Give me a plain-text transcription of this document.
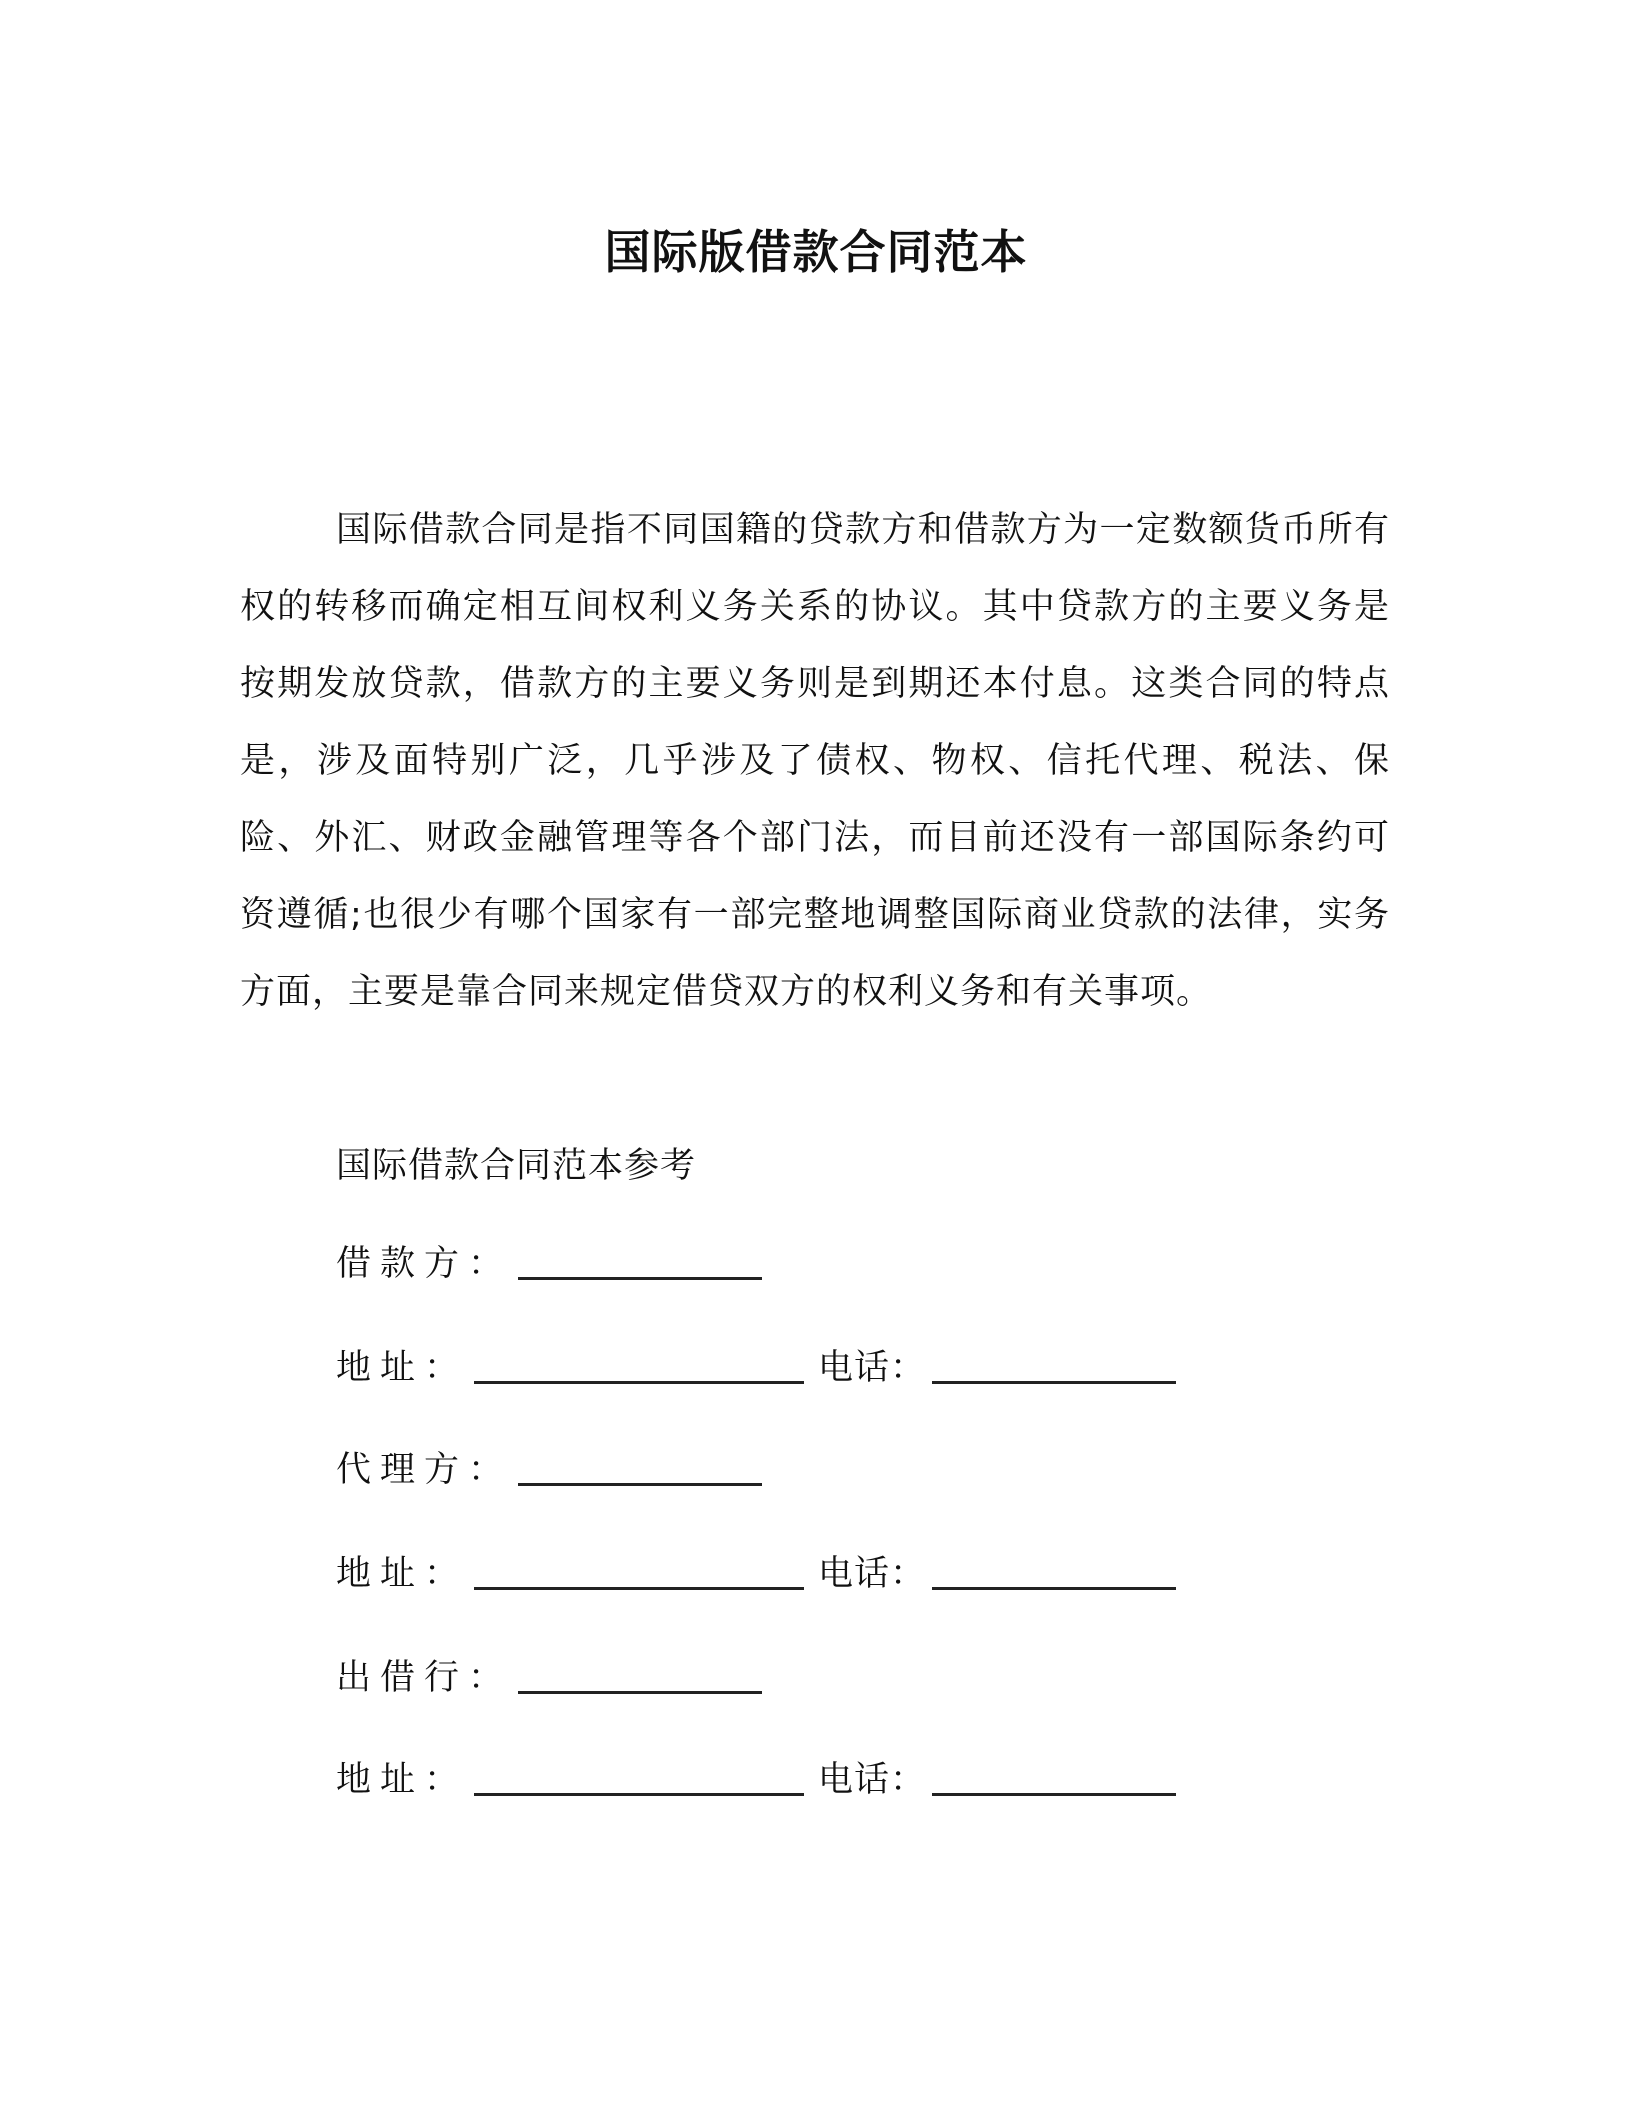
国际版借款合同范本

国际借款合同是指不同国籍的贷款方和借款方为一定数额货币所有权的转移而确定相互间权利义务关系的协议。其中贷款方的主要义务是按期发放贷款，借款方的主要义务则是到期还本付息。这类合同的特点是，涉及面特别广泛，几乎涉及了债权、物权、信托代理、税法、保险、外汇、财政金融管理等各个部门法，而目前还没有一部国际条约可资遵循;也很少有哪个国家有一部完整地调整国际商业贷款的法律，实务方面，主要是靠合同来规定借贷双方的权利义务和有关事项。

国际借款合同范本参考

借款方：
地址：	电话：
代理方：
地址：	电话：
出借行：
地址：	电话：
